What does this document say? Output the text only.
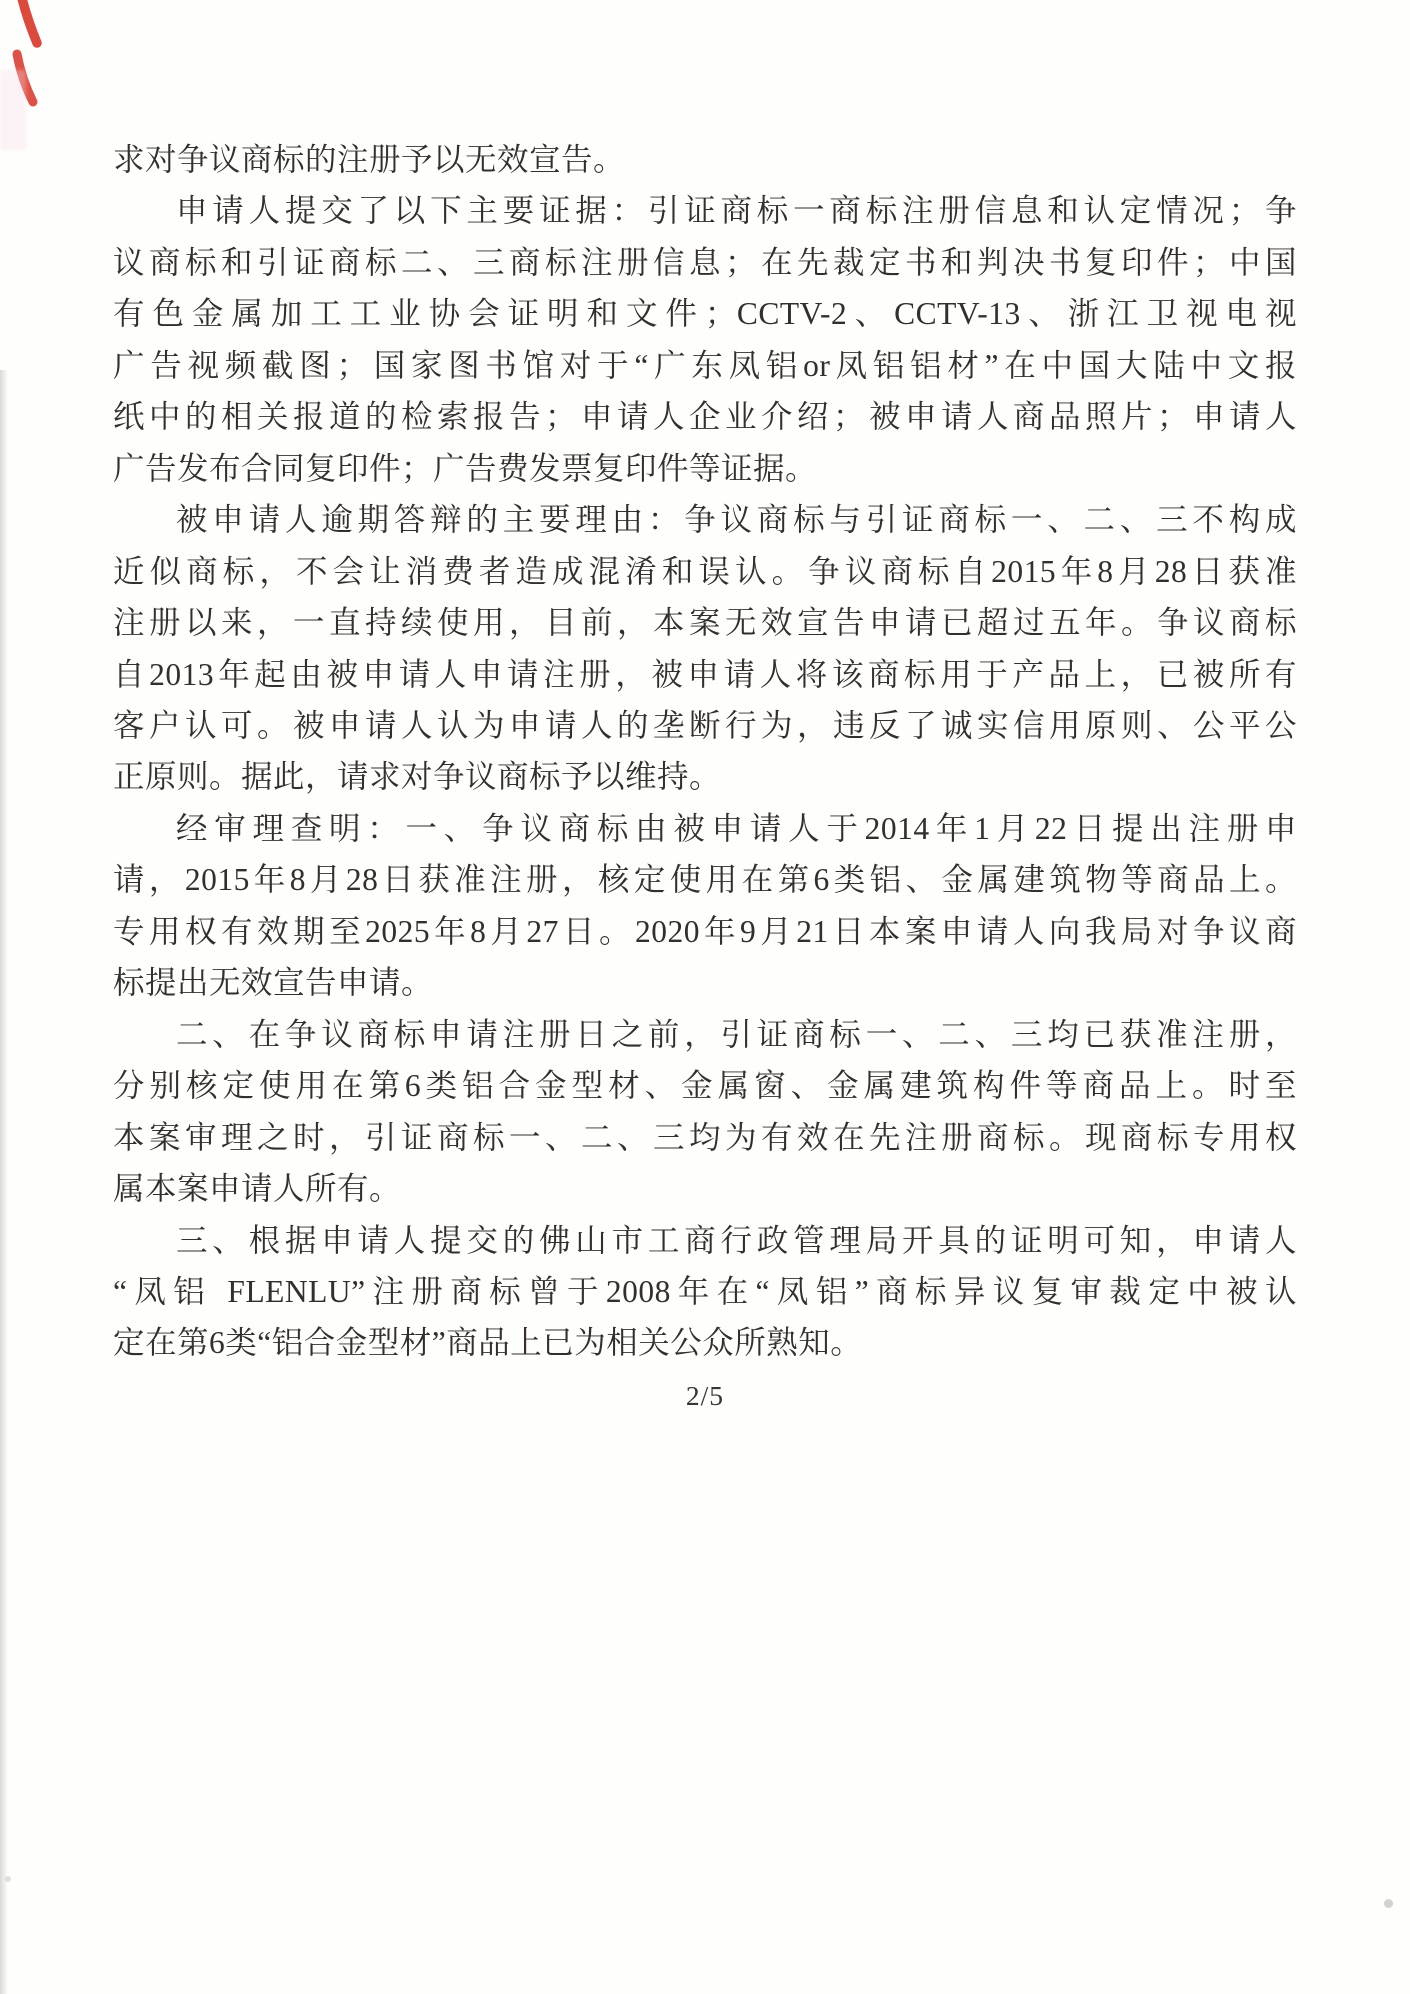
求对争议商标的注册予以无效宣告。
申请人提交了以下主要证据：引证商标一商标注册信息和认定情况；争
议商标和引证商标二、三商标注册信息；在先裁定书和判决书复印件；中国
有色金属加工工业协会证明和文件；CCTV-2、CCTV-13、浙江卫视电视
广告视频截图；国家图书馆对于“广东凤铝or凤铝铝材”在中国大陆中文报
纸中的相关报道的检索报告；申请人企业介绍；被申请人商品照片；申请人
广告发布合同复印件；广告费发票复印件等证据。
被申请人逾期答辩的主要理由：争议商标与引证商标一、二、三不构成
近似商标，不会让消费者造成混淆和误认。争议商标自2015年8月28日获准
注册以来，一直持续使用，目前，本案无效宣告申请已超过五年。争议商标
自2013年起由被申请人申请注册，被申请人将该商标用于产品上，已被所有
客户认可。被申请人认为申请人的垄断行为，违反了诚实信用原则、公平公
正原则。据此，请求对争议商标予以维持。
经审理查明：一、争议商标由被申请人于2014年1月22日提出注册申
请，2015年8月28日获准注册，核定使用在第6类铝、金属建筑物等商品上。
专用权有效期至2025年8月27日。2020年9月21日本案申请人向我局对争议商
标提出无效宣告申请。
二、在争议商标申请注册日之前，引证商标一、二、三均已获准注册，
分别核定使用在第6类铝合金型材、金属窗、金属建筑构件等商品上。时至
本案审理之时，引证商标一、二、三均为有效在先注册商标。现商标专用权
属本案申请人所有。
三、根据申请人提交的佛山市工商行政管理局开具的证明可知，申请人
“凤铝 FLENLU”注册商标曾于2008年在“凤铝”商标异议复审裁定中被认
定在第6类“铝合金型材”商品上已为相关公众所熟知。
2/5
